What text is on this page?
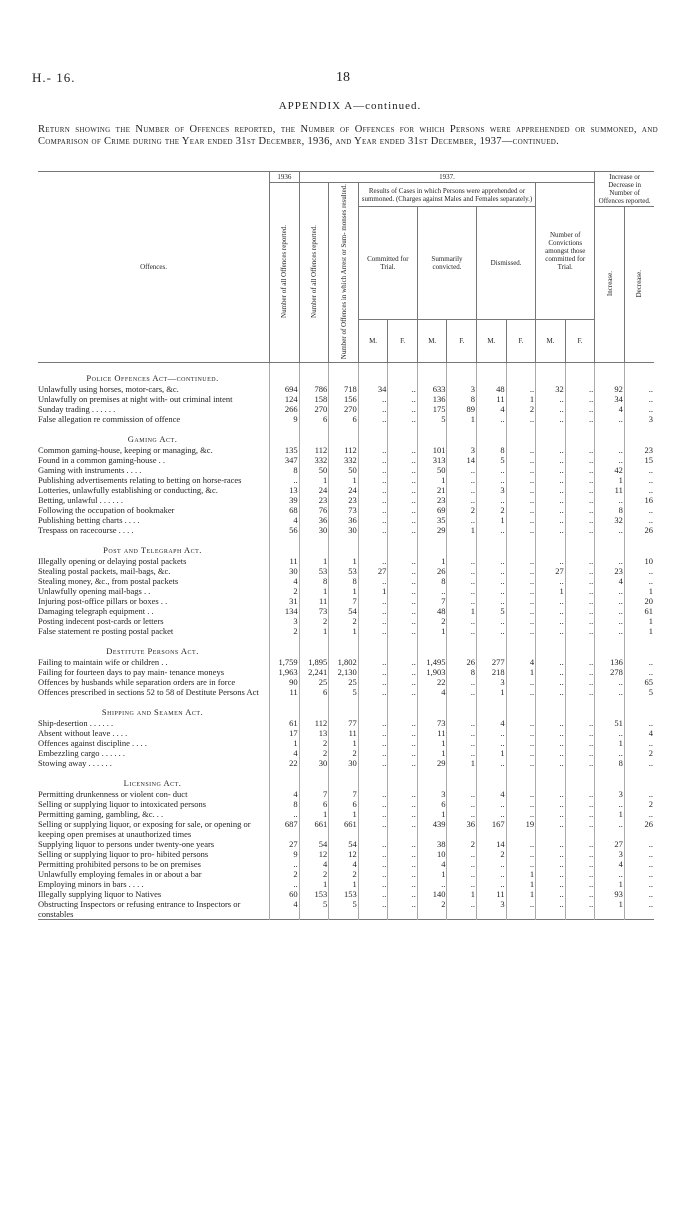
H.- 16.	18
APPENDIX A—continued.
Return showing the Number of Offences reported, the Number of Offences for which Persons were apprehended or summoned, and Comparison of Crime during the Year ended 31st December, 1936, and Year ended 31st December, 1937—continued.
Offences.	1936	1937.										Increase or Decrease in Number of Offences reported.	
	Number of all Offences reported.	Number of all Offences reported.	Number of Offences in which Arrest or Sum- monses resulted.	Results of Cases in which Persons were apprehended or summoned. (Charges against Males and Females separately.)						Number of Convictions amongst those committed for Trial.			
				Committed for Trial.		Summarily convicted.		Dismissed.				Increase.	Decrease.
				M.	F.	M.	F.	M.	F.	M.	F.		
Police Offences Act—continued.													
Unlawfully using horses, motor-cars, &c.	694	786	718	34	..	633	3	48	..	32	..	92	..
Unlawfully on premises at night with- out criminal intent	124	158	156	..	..	136	8	11	1	..	..	34	..
Sunday trading . . . . . .	266	270	270	..	..	175	89	4	2	..	..	4	..
False allegation re commission of offence	9	6	6	..	..	5	1	..	..	..	..	..	3
Gaming Act.													
Common gaming-house, keeping or managing, &c.	135	112	112	..	..	101	3	8	..	..	..	..	23
Found in a common gaming-house . .	347	332	332	..	..	313	14	5	..	..	..	..	15
Gaming with instruments . . . .	8	50	50	..	..	50	..	..	..	..	..	42	..
Publishing advertisements relating to betting on horse-races	..	1	1	..	..	1	..	..	..	..	..	1	..
Lotteries, unlawfully establishing or conducting, &c.	13	24	24	..	..	21	..	3	..	..	..	11	..
Betting, unlawful . . . . . .	39	23	23	..	..	23	..	..	..	..	..	..	16
Following the occupation of bookmaker	68	76	73	..	..	69	2	2	..	..	..	8	..
Publishing betting charts . . . .	4	36	36	..	..	35	..	1	..	..	..	32	..
Trespass on racecourse . . . .	56	30	30	..	..	29	1	..	..	..	..	..	26
Post and Telegraph Act.													
Illegally opening or delaying postal packets	11	1	1	..	..	1	..	..	..	..	..	..	10
Stealing postal packets, mail-bags, &c.	30	53	53	27	..	26	..	..	..	27	..	23	..
Stealing money, &c., from postal packets	4	8	8	..	..	8	..	..	..	..	..	4	..
Unlawfully opening mail-bags . .	2	1	1	1	..	..	..	..	..	1	..	..	1
Injuring post-office pillars or boxes . .	31	11	7	..	..	7	..	..	..	..	..	..	20
Damaging telegraph equipment . .	134	73	54	..	..	48	1	5	..	..	..	..	61
Posting indecent post-cards or letters	3	2	2	..	..	2	..	..	..	..	..	..	1
False statement re posting postal packet	2	1	1	..	..	1	..	..	..	..	..	..	1
Destitute Persons Act.													
Failing to maintain wife or children . .	1,759	1,895	1,802	..	..	1,495	26	277	4	..	..	136	..
Failing for fourteen days to pay main- tenance moneys	1,963	2,241	2,130	..	..	1,903	8	218	1	..	..	278	..
Offences by husbands while separation orders are in force	90	25	25	..	..	22	..	3	..	..	..	..	65
Offences prescribed in sections 52 to 58 of Destitute Persons Act	11	6	5	..	..	4	..	1	..	..	..	..	5
Shipping and Seamen Act.													
Ship-desertion . . . . . .	61	112	77	..	..	73	..	4	..	..	..	51	..
Absent without leave . . . .	17	13	11	..	..	11	..	..	..	..	..	..	4
Offences against discipline . . . .	1	2	1	..	..	1	..	..	..	..	..	1	..
Embezzling cargo . . . . . .	4	2	2	..	..	1	..	1	..	..	..	..	2
Stowing away . . . . . .	22	30	30	..	..	29	1	..	..	..	..	8	..
Licensing Act.													
Permitting drunkenness or violent con- duct	4	7	7	..	..	3	..	4	..	..	..	3	..
Selling or supplying liquor to intoxicated persons	8	6	6	..	..	6	..	..	..	..	..	..	2
Permitting gaming, gambling, &c. . .	..	1	1	..	..	1	..	..	..	..	..	1	..
Selling or supplying liquor, or exposing for sale, or opening or keeping open premises at unauthorized times	687	661	661	..	..	439	36	167	19	..	..	..	26
Supplying liquor to persons under twenty-one years	27	54	54	..	..	38	2	14	..	..	..	27	..
Selling or supplying liquor to pro- hibited persons	9	12	12	..	..	10	..	2	..	..	..	3	..
Permitting prohibited persons to be on premises	..	4	4	..	..	4	..	..	..	..	..	4	..
Unlawfully employing females in or about a bar	2	2	2	..	..	1	..	..	1	..	..	..	..
Employing minors in bars . . . .	..	1	1	..	..	..	..	..	1	..	..	1	..
Illegally supplying liquor to Natives	60	153	153	..	..	140	1	11	1	..	..	93	..
Obstructing Inspectors or refusing entrance to Inspectors or constables	4	5	5	..	..	2	..	3	..	..	..	1	..
